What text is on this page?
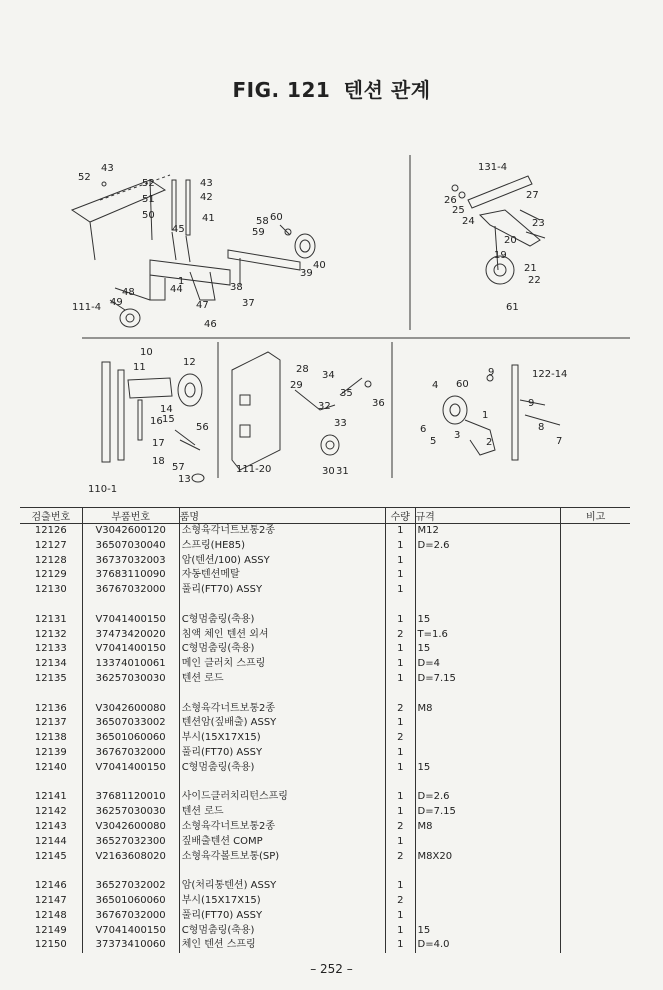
FIG. 121 텐션 관계
52
43
52	43
51	42
50	41
45
58 60
59
40
39
1
44
48
49
38
47	37
46
111-4
131-4
26
25
27
24	23
20
19
21
22
61
10
11	12
14
15
16
56
17
18
57
13
110-1
28
34
29
35
36
32
33
30 31
111-20
9	122-14
4 60
1
9
8
7
6
5
3
2
검출번호	부품번호	품명	수량	규격	비고
12126	V3042600120	소형육각너트보통2종	1	M12	
12127	36507030040	스프링(HE85)	1	D=2.6	
12128	36737032003	암(텐션/100) ASSY	1		
12129	37683110090	자동텐션메탈	1		
12130	36767032000	풀리(FT70) ASSY	1		

12131	V7041400150	C형멈춤링(축용)	1	15	
12132	37473420020	침액 체인 텐션 외셔	2	T=1.6	
12133	V7041400150	C형멈춤링(축용)	1	15	
12134	13374010061	메인 클러치 스프링	1	D=4	
12135	36257030030	텐션 로드	1	D=7.15	

12136	V3042600080	소형육각너트보통2종	2	M8	
12137	36507033002	텐션암(짚배출) ASSY	1		
12138	36501060060	부시(15X17X15)	2		
12139	36767032000	풀리(FT70) ASSY	1		
12140	V7041400150	C형멈춤링(축용)	1	15	

12141	37681120010	사이드클러치리턴스프링	1	D=2.6	
12142	36257030030	텐션 로드	1	D=7.15	
12143	V3042600080	소형육각너트보통2종	2	M8	
12144	36527032300	짚배출텐션 COMP	1		
12145	V2163608020	소형육각볼트보통(SP)	2	M8X20	

12146	36527032002	암(처리통텐션) ASSY	1		
12147	36501060060	부시(15X17X15)	2		
12148	36767032000	풀리(FT70) ASSY	1		
12149	V7041400150	C형멈춤링(축용)	1	15	
12150	37373410060	체인 텐션 스프링	1	D=4.0	
– 252 –
